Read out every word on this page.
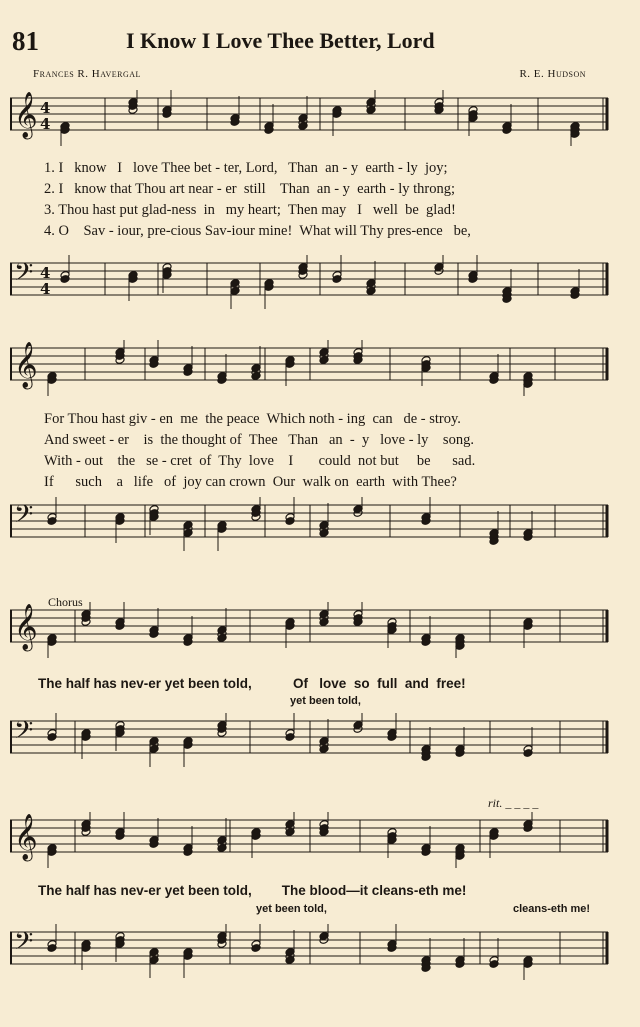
81	I Know I Love Thee Better, Lord
Frances R. Havergal	R. E. Hudson
𝄞 4
4
𝄢 4
4
𝄞
𝄢
𝄞
𝄢
𝄞
𝄢
1. I   know   I   love Thee bet - ter, Lord,   Than  an - y  earth - ly  joy;
2. I   know that Thou art near - er  still    Than  an - y  earth - ly throng;
3. Thou hast put glad-ness  in   my heart;  Then may   I   well  be  glad!
4. O    Sav - iour, pre-cious Sav-iour mine!  What will Thy pres-ence   be,
For Thou hast giv - en  me  the peace  Which noth - ing  can   de - stroy.
And sweet - er    is  the thought of  Thee   Than   an  -  y   love - ly    song.
With - out    the   se - cret  of  Thy  love    I       could  not but     be      sad.
If      such    a   life   of  joy can crown  Our  walk on  earth  with Thee?
Chorus
The half has nev-er yet been told,           Of   love  so  full  and  free!
yet been told,
The half has nev-er yet been told,        The blood—it cleans-eth me!
yet been told,	cleans-eth me!
rit. _ _ _ _
